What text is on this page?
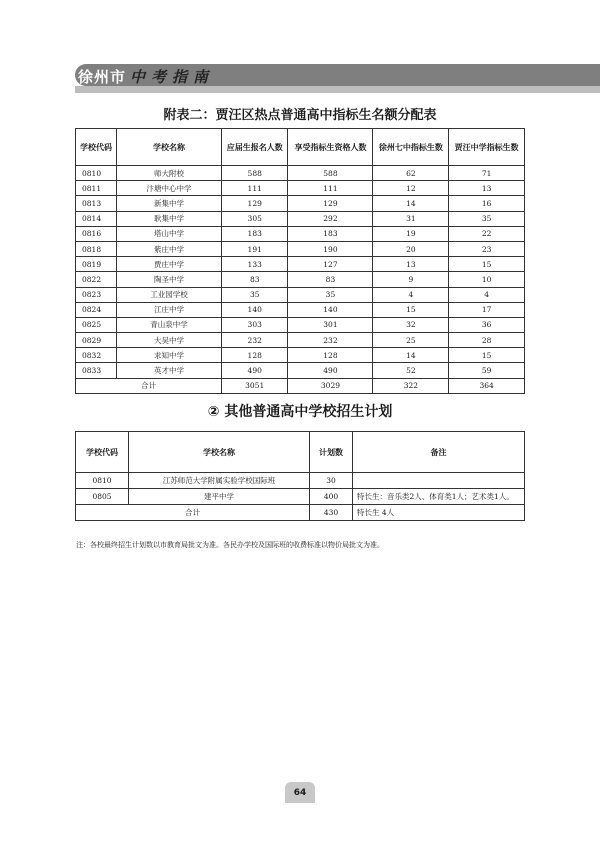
徐州市 中考指南
附表二：贾汪区热点普通高中指标生名额分配表
学校代码	学校名称	应届生报名人数	享受指标生资格人数	徐州七中指标生数	贾汪中学指标生数
0810	师大附校	588	588	62	71
0811	汴塘中心中学	111	111	12	13
0813	新集中学	129	129	14	16
0814	耿集中学	305	292	31	35
0816	塔山中学	183	183	19	22
0818	紫庄中学	191	190	20	23
0819	贾庄中学	133	127	13	15
0822	陶圣中学	83	83	9	10
0823	工业园学校	35	35	4	4
0824	江庄中学	140	140	15	17
0825	青山泉中学	303	301	32	36
0829	大吴中学	232	232	25	28
0832	求知中学	128	128	14	15
0833	英才中学	490	490	52	59
合计		3051	3029	322	364
② 其他普通高中学校招生计划
学校代码	学校名称	计划数	备注
0810	江苏师范大学附属实验学校国际班	30	
0805	建平中学	400	特长生：音乐类2人、体育类1人；艺术类1人。
合计		430	特长生 4人
注：各校最终招生计划数以市教育局批文为准。各民办学校及国际班的收费标准以物价局批文为准。
64
